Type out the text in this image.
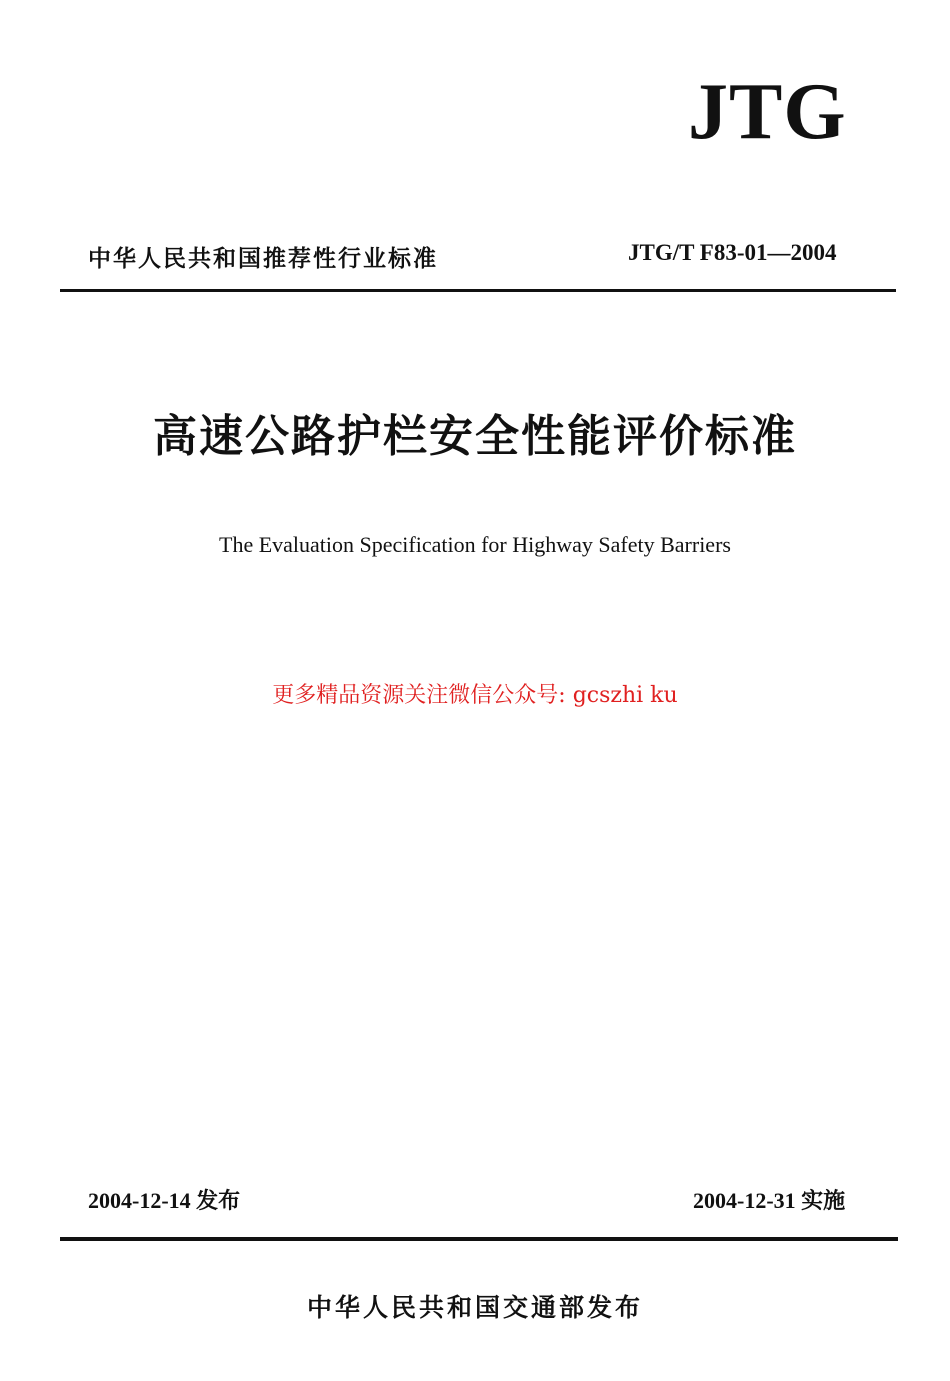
JTG
中华人民共和国推荐性行业标准	JTG/T F83-01—2004
高速公路护栏安全性能评价标准
The Evaluation Specification for Highway Safety Barriers
更多精品资源关注微信公众号: gcszhi ku
2004-12-14 发布	2004-12-31 实施
中华人民共和国交通部发布
